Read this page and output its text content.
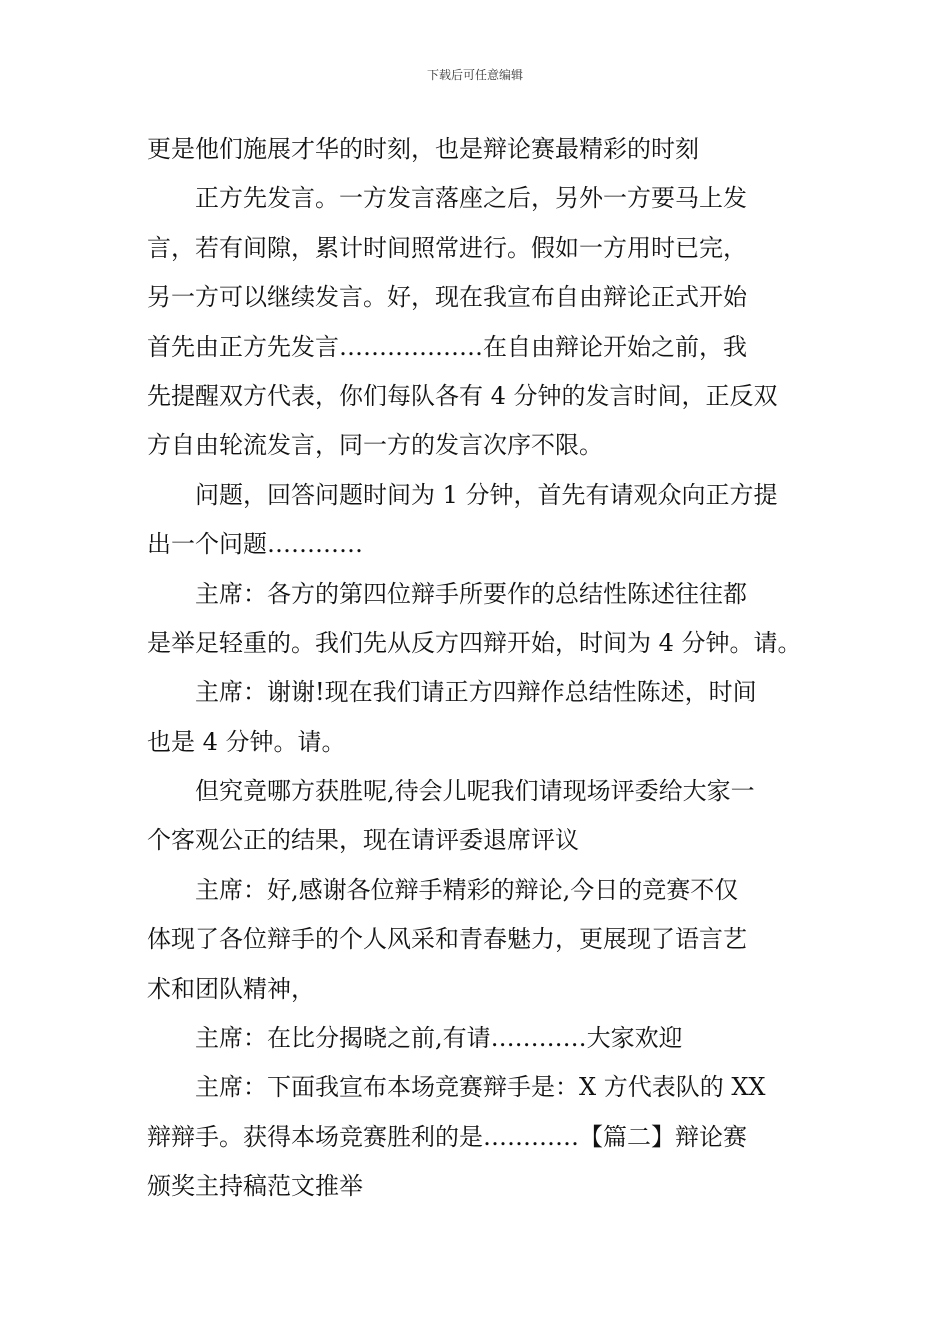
下载后可任意编辑
更是他们施展才华的时刻，也是辩论赛最精彩的时刻
正方先发言。一方发言落座之后，另外一方要马上发
言，若有间隙，累计时间照常进行。假如一方用时已完，
另一方可以继续发言。好，现在我宣布自由辩论正式开始
首先由正方先发言………………在自由辩论开始之前，我
先提醒双方代表，你们每队各有 4 分钟的发言时间，正反双
方自由轮流发言，同一方的发言次序不限。
问题，回答问题时间为 1 分钟，首先有请观众向正方提
出一个问题…………
主席：各方的第四位辩手所要作的总结性陈述往往都
是举足轻重的。我们先从反方四辩开始，时间为 4 分钟。请。
主席：谢谢!现在我们请正方四辩作总结性陈述，时间
也是 4 分钟。请。
但究竟哪方获胜呢,待会儿呢我们请现场评委给大家一
个客观公正的结果，现在请评委退席评议
主席：好,感谢各位辩手精彩的辩论,今日的竞赛不仅
体现了各位辩手的个人风采和青春魅力，更展现了语言艺
术和团队精神，
主席：在比分揭晓之前,有请…………大家欢迎
主席：下面我宣布本场竞赛辩手是：X 方代表队的 XX
辩辩手。获得本场竞赛胜利的是…………【篇二】辩论赛
颁奖主持稿范文推举
